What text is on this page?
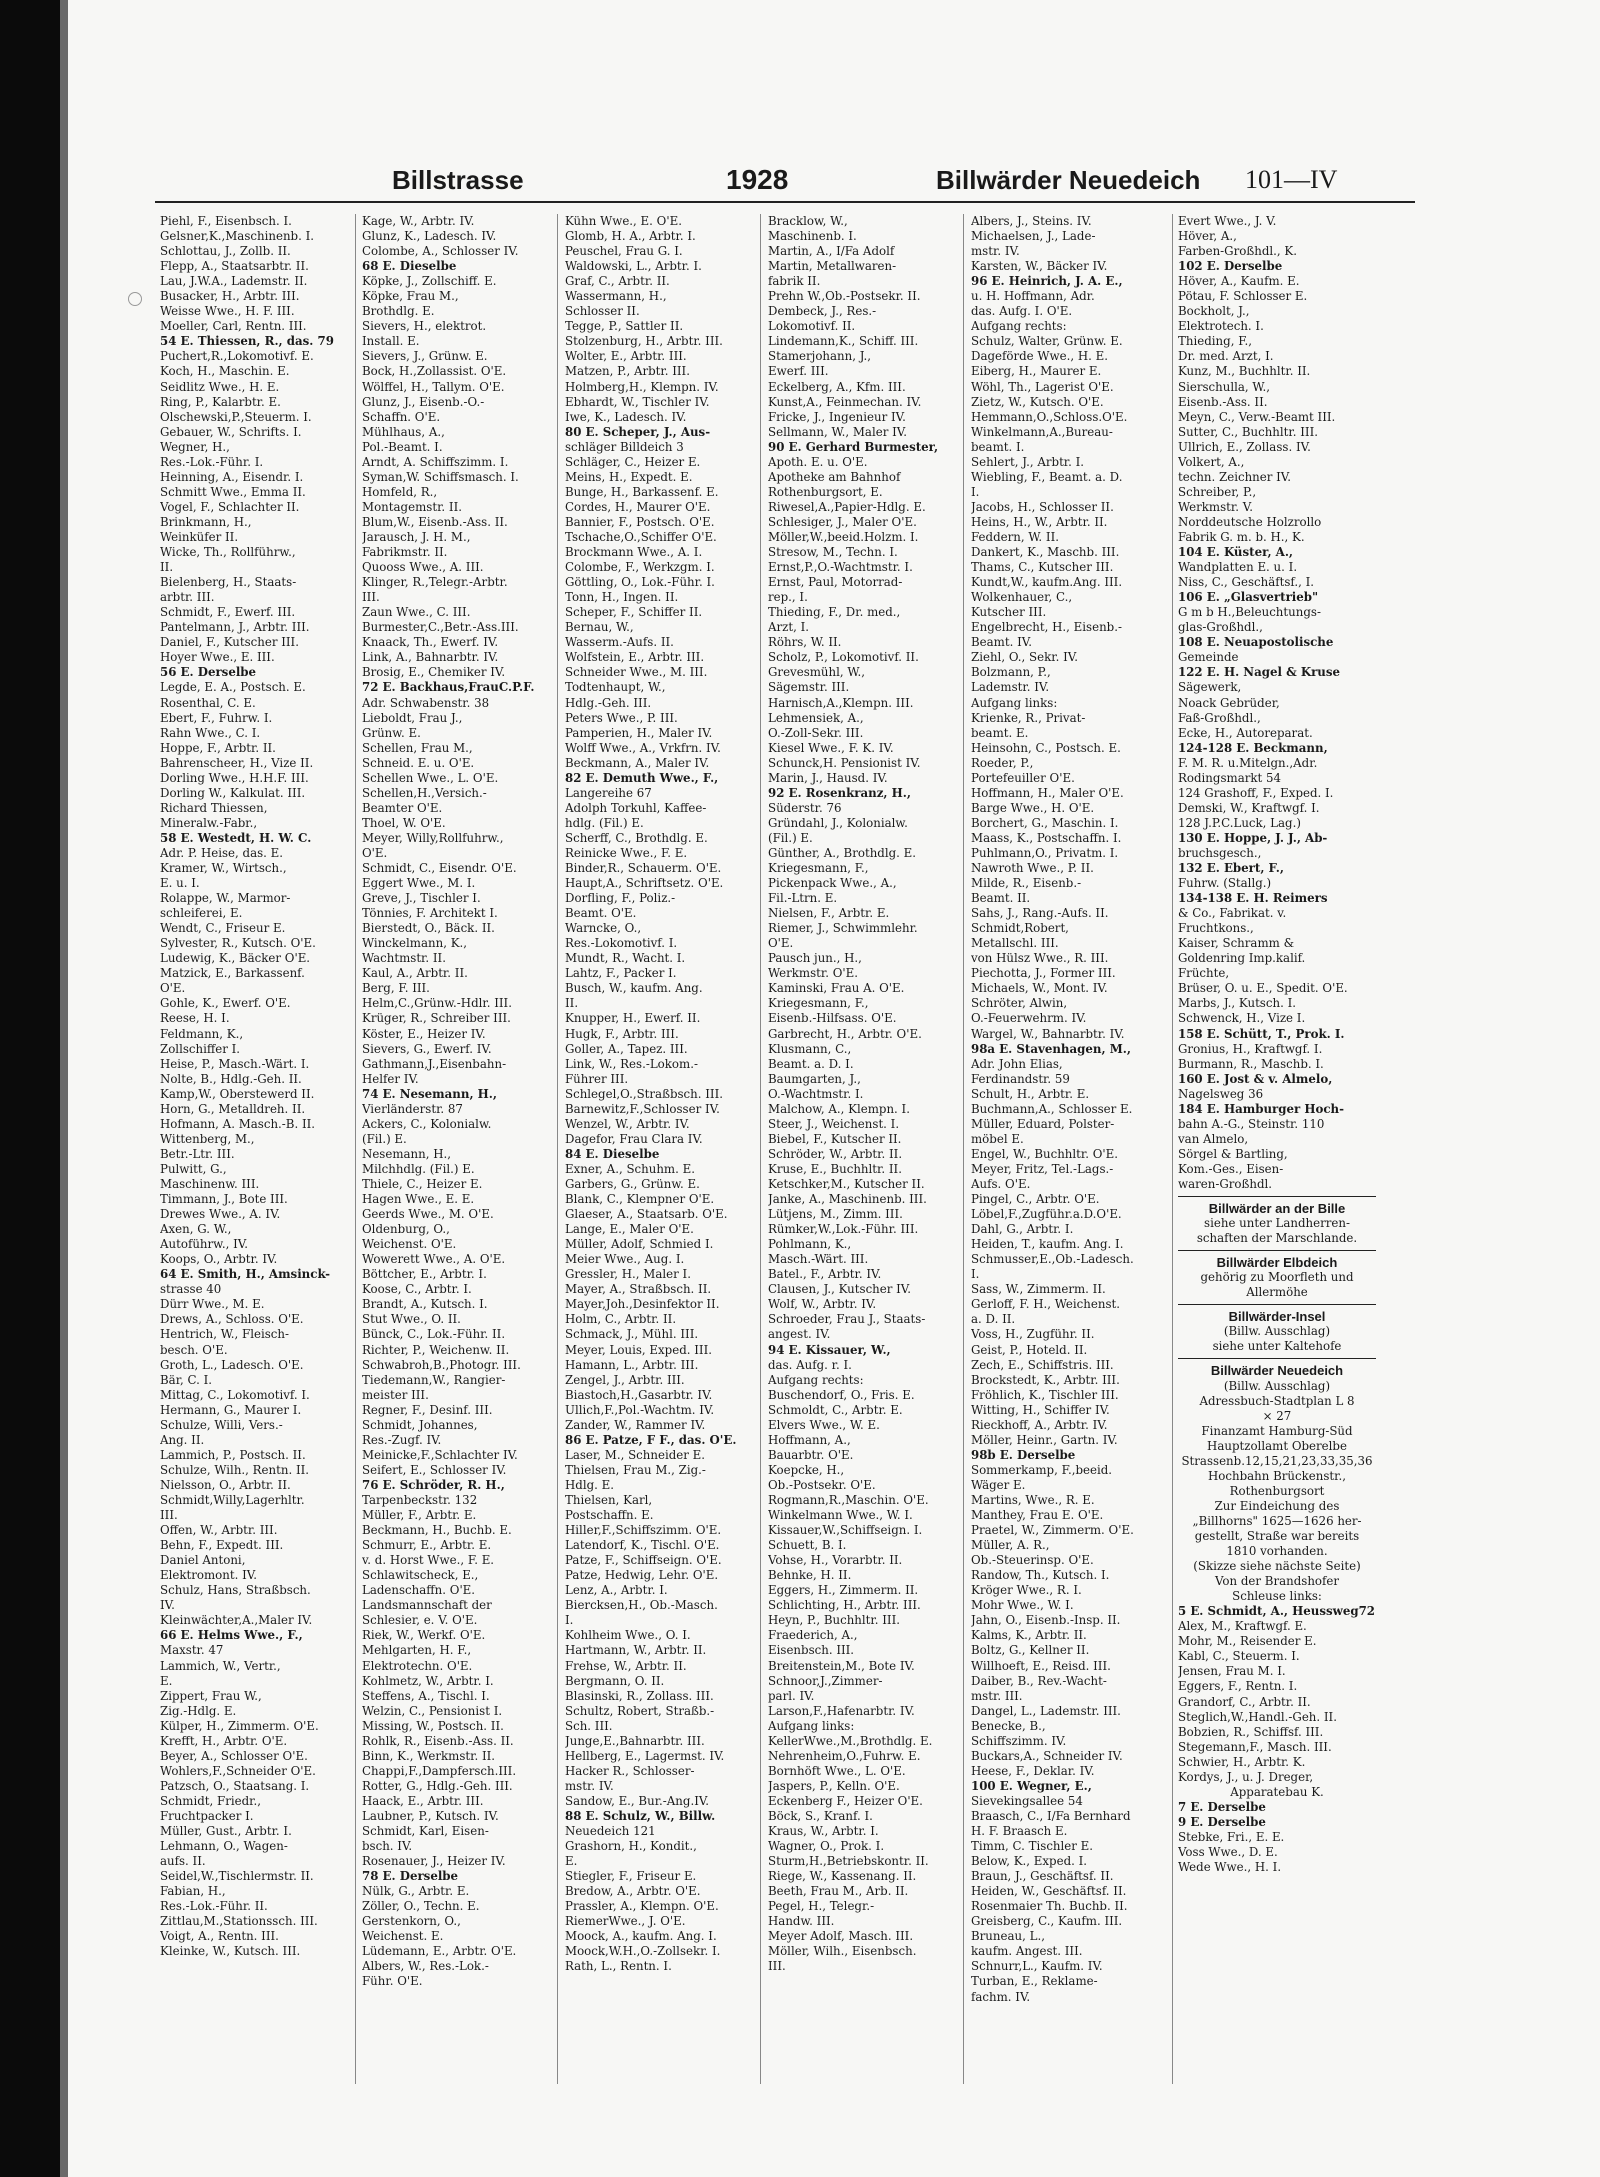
Billstrasse	1928	Billwärder Neuedeich 101—IV
Piehl, F., Eisenbsch. I.
Gelsner,K.,Maschinenb. I.
Schlottau, J., Zollb. II.
Flepp, A., Staatsarbtr. II.
Lau, J.W.A., Lademstr. II.
Busacker, H., Arbtr. III.
Weisse Wwe., H. F. III.
Moeller, Carl, Rentn. III.
54 E. Thiessen, R., das. 79
Puchert,R.,Lokomotivf. E.
Koch, H., Maschin. E.
Seidlitz Wwe., H. E.
Ring, P., Kalarbtr. E.
Olschewski,P.,Steuerm. I.
Gebauer, W., Schrifts. I.
Wegner, H.,
Res.-Lok.-Führ. I.
Heinning, A., Eisendr. I.
Schmitt Wwe., Emma II.
Vogel, F., Schlachter II.
Brinkmann, H.,
Weinküfer II.
Wicke, Th., Rollführw.,
II.
Bielenberg, H., Staats-
arbtr. III.
Schmidt, F., Ewerf. III.
Pantelmann, J., Arbtr. III.
Daniel, F., Kutscher III.
Hoyer Wwe., E. III.
56 E. Derselbe
Legde, E. A., Postsch. E.
Rosenthal, C. E.
Ebert, F., Fuhrw. I.
Rahn Wwe., C. I.
Hoppe, F., Arbtr. II.
Bahrenscheer, H., Vize II.
Dorling Wwe., H.H.F. III.
Dorling W., Kalkulat. III.
Richard Thiessen,
Mineralw.-Fabr.,
58 E. Westedt, H. W. C.
Adr. P. Heise, das. E.
Kramer, W., Wirtsch.,
E. u. I.
Rolappe, W., Marmor-
schleiferei, E.
Wendt, C., Friseur E.
Sylvester, R., Kutsch. O'E.
Ludewig, K., Bäcker O'E.
Matzick, E., Barkassenf.
O'E.
Gohle, K., Ewerf. O'E.
Reese, H. I.
Feldmann, K.,
Zollschiffer I.
Heise, P., Masch.-Wärt. I.
Nolte, B., Hdlg.-Geh. II.
Kamp,W., Oberstewerd II.
Horn, G., Metalldreh. II.
Hofmann, A. Masch.-B. II.
Wittenberg, M.,
Betr.-Ltr. III.
Pulwitt, G.,
Maschinenw. III.
Timmann, J., Bote III.
Drewes Wwe., A. IV.
Axen, G. W.,
Autoführw., IV.
Koops, O., Arbtr. IV.
64 E. Smith, H., Amsinck-
strasse 40
Dürr Wwe., M. E.
Drews, A., Schloss. O'E.
Hentrich, W., Fleisch-
besch. O'E.
Groth, L., Ladesch. O'E.
Bär, C. I.
Mittag, C., Lokomotivf. I.
Hermann, G., Maurer I.
Schulze, Willi, Vers.-
Ang. II.
Lammich, P., Postsch. II.
Schulze, Wilh., Rentn. II.
Nielsson, O., Arbtr. II.
Schmidt,Willy,Lagerhltr.
III.
Offen, W., Arbtr. III.
Behn, F., Expedt. III.
Daniel Antoni,
Elektromont. IV.
Schulz, Hans, Straßbsch.
IV.
Kleinwächter,A.,Maler IV.
66 E. Helms Wwe., F.,
Maxstr. 47
Lammich, W., Vertr.,
E.
Zippert, Frau W.,
Zig.-Hdlg. E.
Külper, H., Zimmerm. O'E.
Krefft, H., Arbtr. O'E.
Beyer, A., Schlosser O'E.
Wohlers,F.,Schneider O'E.
Patzsch, O., Staatsang. I.
Schmidt, Friedr.,
Fruchtpacker I.
Müller, Gust., Arbtr. I.
Lehmann, O., Wagen-
aufs. II.
Seidel,W.,Tischlermstr. II.
Fabian, H.,
Res.-Lok.-Führ. II.
Zittlau,M.,Stationssch. III.
Voigt, A., Rentn. III.
Kleinke, W., Kutsch. III.
Kage, W., Arbtr. IV.
Glunz, K., Ladesch. IV.
Colombe, A., Schlosser IV.
68 E. Dieselbe
Köpke, J., Zollschiff. E.
Köpke, Frau M.,
Brothdlg. E.
Sievers, H., elektrot.
Install. E.
Sievers, J., Grünw. E.
Bock, H.,Zollassist. O'E.
Wölffel, H., Tallym. O'E.
Glunz, J., Eisenb.-O.-
Schaffn. O'E.
Mühlhaus, A.,
Pol.-Beamt. I.
Arndt, A. Schiffszimm. I.
Syman,W. Schiffsmasch. I.
Homfeld, R.,
Montagemstr. II.
Blum,W., Eisenb.-Ass. II.
Jarausch, J. H. M.,
Fabrikmstr. II.
Quooss Wwe., A. III.
Klinger, R.,Telegr.-Arbtr.
III.
Zaun Wwe., C. III.
Burmester,C.,Betr.-Ass.III.
Knaack, Th., Ewerf. IV.
Link, A., Bahnarbtr. IV.
Brosig, E., Chemiker IV.
72 E. Backhaus,FrauC.P.F.
Adr. Schwabenstr. 38
Lieboldt, Frau J.,
Grünw. E.
Schellen, Frau M.,
Schneid. E. u. O'E.
Schellen Wwe., L. O'E.
Schellen,H.,Versich.-
Beamter O'E.
Thoel, W. O'E.
Meyer, Willy,Rollfuhrw.,
O'E.
Schmidt, C., Eisendr. O'E.
Eggert Wwe., M. I.
Greve, J., Tischler I.
Tönnies, F. Architekt I.
Bierstedt, O., Bäck. II.
Winckelmann, K.,
Wachtmstr. II.
Kaul, A., Arbtr. II.
Berg, F. III.
Helm,C.,Grünw.-Hdlr. III.
Krüger, R., Schreiber III.
Köster, E., Heizer IV.
Sievers, G., Ewerf. IV.
Gathmann,J.,Eisenbahn-
Helfer IV.
74 E. Nesemann, H.,
Vierländerstr. 87
Ackers, C., Kolonialw.
(Fil.) E.
Nesemann, H.,
Milchhdlg. (Fil.) E.
Thiele, C., Heizer E.
Hagen Wwe., E. E.
Geerds Wwe., M. O'E.
Oldenburg, O.,
Weichenst. O'E.
Wowerett Wwe., A. O'E.
Böttcher, E., Arbtr. I.
Koose, C., Arbtr. I.
Brandt, A., Kutsch. I.
Stut Wwe., O. II.
Bünck, C., Lok.-Führ. II.
Richter, P., Weichenw. II.
Schwabroh,B.,Photogr. III.
Tiedemann,W., Rangier-
meister III.
Regner, F., Desinf. III.
Schmidt, Johannes,
Res.-Zugf. IV.
Meinicke,F.,Schlachter IV.
Seifert, E., Schlosser IV.
76 E. Schröder, R. H.,
Tarpenbeckstr. 132
Müller, F., Arbtr. E.
Beckmann, H., Buchb. E.
Schmurr, E., Arbtr. E.
v. d. Horst Wwe., F. E.
Schlawitscheck, E.,
Ladenschaffn. O'E.
Landsmannschaft der
Schlesier, e. V. O'E.
Riek, W., Werkf. O'E.
Mehlgarten, H. F.,
Elektrotechn. O'E.
Kohlmetz, W., Arbtr. I.
Steffens, A., Tischl. I.
Welzin, C., Pensionist I.
Missing, W., Postsch. II.
Rohlk, R., Eisenb.-Ass. II.
Binn, K., Werkmstr. II.
Chappi,F.,Dampfersch.III.
Rotter, G., Hdlg.-Geh. III.
Haack, E., Arbtr. III.
Laubner, P., Kutsch. IV.
Schmidt, Karl, Eisen-
bsch. IV.
Rosenauer, J., Heizer IV.
78 E. Derselbe
Nülk, G., Arbtr. E.
Zöller, O., Techn. E.
Gerstenkorn, O.,
Weichenst. E.
Lüdemann, E., Arbtr. O'E.
Albers, W., Res.-Lok.-
Führ. O'E.
Kühn Wwe., E. O'E.
Glomb, H. A., Arbtr. I.
Peuschel, Frau G. I.
Waldowski, L., Arbtr. I.
Graf, C., Arbtr. II.
Wassermann, H.,
Schlosser II.
Tegge, P., Sattler II.
Stolzenburg, H., Arbtr. III.
Wolter, E., Arbtr. III.
Matzen, P., Arbtr. III.
Holmberg,H., Klempn. IV.
Ebhardt, W., Tischler IV.
Iwe, K., Ladesch. IV.
80 E. Scheper, J., Aus-
schläger Billdeich 3
Schläger, C., Heizer E.
Meins, H., Expedt. E.
Bunge, H., Barkassenf. E.
Cordes, H., Maurer O'E.
Bannier, F., Postsch. O'E.
Tschache,O.,Schiffer O'E.
Brockmann Wwe., A. I.
Colombe, F., Werkzgm. I.
Göttling, O., Lok.-Führ. I.
Tonn, H., Ingen. II.
Scheper, F., Schiffer II.
Bernau, W.,
Wasserm.-Aufs. II.
Wolfstein, E., Arbtr. III.
Schneider Wwe., M. III.
Todtenhaupt, W.,
Hdlg.-Geh. III.
Peters Wwe., P. III.
Pamperien, H., Maler IV.
Wolff Wwe., A., Vrkfrn. IV.
Beckmann, A., Maler IV.
82 E. Demuth Wwe., F.,
Langereihe 67
Adolph Torkuhl, Kaffee-
hdlg. (Fil.) E.
Scherff, C., Brothdlg. E.
Reinicke Wwe., F. E.
Binder,R., Schauerm. O'E.
Haupt,A., Schriftsetz. O'E.
Dorfling, F., Poliz.-
Beamt. O'E.
Warncke, O.,
Res.-Lokomotivf. I.
Mundt, R., Wacht. I.
Lahtz, F., Packer I.
Busch, W., kaufm. Ang.
II.
Knupper, H., Ewerf. II.
Hugk, F., Arbtr. III.
Goller, A., Tapez. III.
Link, W., Res.-Lokom.-
Führer III.
Schlegel,O.,Straßbsch. III.
Barnewitz,F.,Schlosser IV.
Wenzel, W., Arbtr. IV.
Dagefor, Frau Clara IV.
84 E. Dieselbe
Exner, A., Schuhm. E.
Garbers, G., Grünw. E.
Blank, C., Klempner O'E.
Glaeser, A., Staatsarb. O'E.
Lange, E., Maler O'E.
Müller, Adolf, Schmied I.
Meier Wwe., Aug. I.
Gressler, H., Maler I.
Mayer, A., Straßbsch. II.
Mayer,Joh.,Desinfektor II.
Holm, C., Arbtr. II.
Schmack, J., Mühl. III.
Meyer, Louis, Exped. III.
Hamann, L., Arbtr. III.
Zengel, J., Arbtr. III.
Biastoch,H.,Gasarbtr. IV.
Ullich,F.,Pol.-Wachtm. IV.
Zander, W., Rammer IV.
86 E. Patze, F F., das. O'E.
Laser, M., Schneider E.
Thielsen, Frau M., Zig.-
Hdlg. E.
Thielsen, Karl,
Postschaffn. E.
Hiller,F.,Schiffszimm. O'E.
Latendorf, K., Tischl. O'E.
Patze, F., Schiffseign. O'E.
Patze, Hedwig, Lehr. O'E.
Lenz, A., Arbtr. I.
Biercksen,H., Ob.-Masch.
I.
Kohlheim Wwe., O. I.
Hartmann, W., Arbtr. II.
Frehse, W., Arbtr. II.
Bergmann, O. II.
Blasinski, R., Zollass. III.
Schultz, Robert, Straßb.-
Sch. III.
Junge,E.,Bahnarbtr. III.
Hellberg, E., Lagermst. IV.
Hacker R., Schlosser-
mstr. IV.
Sandow, E., Bur.-Ang.IV.
88 E. Schulz, W., Billw.
Neuedeich 121
Grashorn, H., Kondit.,
E.
Stiegler, F., Friseur E.
Bredow, A., Arbtr. O'E.
Prassler, A., Klempn. O'E.
RiemerWwe., J. O'E.
Moock, A., kaufm. Ang. I.
Moock,W.H.,O.-Zollsekr. I.
Rath, L., Rentn. I.
Bracklow, W.,
Maschinenb. I.
Martin, A., I/Fa Adolf
Martin, Metallwaren-
fabrik II.
Prehn W.,Ob.-Postsekr. II.
Dembeck, J., Res.-
Lokomotivf. II.
Lindemann,K., Schiff. III.
Stamerjohann, J.,
Ewerf. III.
Eckelberg, A., Kfm. III.
Kunst,A., Feinmechan. IV.
Fricke, J., Ingenieur IV.
Sellmann, W., Maler IV.
90 E. Gerhard Burmester,
Apoth. E. u. O'E.
Apotheke am Bahnhof
Rothenburgsort, E.
Riwesel,A.,Papier-Hdlg. E.
Schlesiger, J., Maler O'E.
Möller,W.,beeid.Holzm. I.
Stresow, M., Techn. I.
Ernst,P.,O.-Wachtmstr. I.
Ernst, Paul, Motorrad-
rep., I.
Thieding, F., Dr. med.,
Arzt, I.
Röhrs, W. II.
Scholz, P., Lokomotivf. II.
Grevesmühl, W.,
Sägemstr. III.
Harnisch,A.,Klempn. III.
Lehmensiek, A.,
O.-Zoll-Sekr. III.
Kiesel Wwe., F. K. IV.
Schunck,H. Pensionist IV.
Marin, J., Hausd. IV.
92 E. Rosenkranz, H.,
Süderstr. 76
Gründahl, J., Kolonialw.
(Fil.) E.
Günther, A., Brothdlg. E.
Kriegesmann, F.,
Pickenpack Wwe., A.,
Fil.-Ltrn. E.
Nielsen, F., Arbtr. E.
Riemer, J., Schwimmlehr.
O'E.
Pausch jun., H.,
Werkmstr. O'E.
Kaminski, Frau A. O'E.
Kriegesmann, F.,
Eisenb.-Hilfsass. O'E.
Garbrecht, H., Arbtr. O'E.
Klusmann, C.,
Beamt. a. D. I.
Baumgarten, J.,
O.-Wachtmstr. I.
Malchow, A., Klempn. I.
Steer, J., Weichenst. I.
Biebel, F., Kutscher II.
Schröder, W., Arbtr. II.
Kruse, E., Buchhltr. II.
Ketschker,M., Kutscher II.
Janke, A., Maschinenb. III.
Lütjens, M., Zimm. III.
Rümker,W.,Lok.-Führ. III.
Pohlmann, K.,
Masch.-Wärt. III.
Batel., F., Arbtr. IV.
Clausen, J., Kutscher IV.
Wolf, W., Arbtr. IV.
Schroeder, Frau J., Staats-
angest. IV.
94 E. Kissauer, W.,
das. Aufg. r. I.
Aufgang rechts:
Buschendorf, O., Fris. E.
Schmoldt, C., Arbtr. E.
Elvers Wwe., W. E.
Hoffmann, A.,
Bauarbtr. O'E.
Koepcke, H.,
Ob.-Postsekr. O'E.
Rogmann,R.,Maschin. O'E.
Winkelmann Wwe., W. I.
Kissauer,W.,Schiffseign. I.
Schuett, B. I.
Vohse, H., Vorarbtr. II.
Behnke, H. II.
Eggers, H., Zimmerm. II.
Schlichting, H., Arbtr. III.
Heyn, P., Buchhltr. III.
Fraederich, A.,
Eisenbsch. III.
Breitenstein,M., Bote IV.
Schnoor,J.,Zimmer-
parl. IV.
Larson,F.,Hafenarbtr. IV.
Aufgang links:
KellerWwe.,M.,Brothdlg. E.
Nehrenheim,O.,Fuhrw. E.
Bornhöft Wwe., L. O'E.
Jaspers, P., Kelln. O'E.
Eckenberg F., Heizer O'E.
Böck, S., Kranf. I.
Kraus, W., Arbtr. I.
Wagner, O., Prok. I.
Sturm,H.,Betriebskontr. II.
Riege, W., Kassenang. II.
Beeth, Frau M., Arb. II.
Pegel, H., Telegr.-
Handw. III.
Meyer Adolf, Masch. III.
Möller, Wilh., Eisenbsch.
III.
Albers, J., Steins. IV.
Michaelsen, J., Lade-
mstr. IV.
Karsten, W., Bäcker IV.
96 E. Heinrich, J. A. E.,
u. H. Hoffmann, Adr.
das. Aufg. I. O'E.
Aufgang rechts:
Schulz, Walter, Grünw. E.
Dageförde Wwe., H. E.
Eiberg, H., Maurer E.
Wöhl, Th., Lagerist O'E.
Zietz, W., Kutsch. O'E.
Hemmann,O.,Schloss.O'E.
Winkelmann,A.,Bureau-
beamt. I.
Sehlert, J., Arbtr. I.
Wiebling, F., Beamt. a. D.
I.
Jacobs, H., Schlosser II.
Heins, H., W., Arbtr. II.
Feddern, W. II.
Dankert, K., Maschb. III.
Thams, C., Kutscher III.
Kundt,W., kaufm.Ang. III.
Wolkenhauer, C.,
Kutscher III.
Engelbrecht, H., Eisenb.-
Beamt. IV.
Ziehl, O., Sekr. IV.
Bolzmann, P.,
Lademstr. IV.
Aufgang links:
Krienke, R., Privat-
beamt. E.
Heinsohn, C., Postsch. E.
Roeder, P.,
Portefeuiller O'E.
Hoffmann, H., Maler O'E.
Barge Wwe., H. O'E.
Borchert, G., Maschin. I.
Maass, K., Postschaffn. I.
Puhlmann,O., Privatm. I.
Nawroth Wwe., P. II.
Milde, R., Eisenb.-
Beamt. II.
Sahs, J., Rang.-Aufs. II.
Schmidt,Robert,
Metallschl. III.
von Hülsz Wwe., R. III.
Piechotta, J., Former III.
Michaels, W., Mont. IV.
Schröter, Alwin,
O.-Feuerwehrm. IV.
Wargel, W., Bahnarbtr. IV.
98a E. Stavenhagen, M.,
Adr. John Elias,
Ferdinandstr. 59
Schult, H., Arbtr. E.
Buchmann,A., Schlosser E.
Müller, Eduard, Polster-
möbel E.
Engel, W., Buchhltr. O'E.
Meyer, Fritz, Tel.-Lags.-
Aufs. O'E.
Pingel, C., Arbtr. O'E.
Löbel,F.,Zugführ.a.D.O'E.
Dahl, G., Arbtr. I.
Heiden, T., kaufm. Ang. I.
Schmusser,E.,Ob.-Ladesch.
I.
Sass, W., Zimmerm. II.
Gerloff, F. H., Weichenst.
a. D. II.
Voss, H., Zugführ. II.
Geist, P., Hoteld. II.
Zech, E., Schiffstris. III.
Brockstedt, K., Arbtr. III.
Fröhlich, K., Tischler III.
Witting, H., Schiffer IV.
Rieckhoff, A., Arbtr. IV.
Möller, Heinr., Gartn. IV.
98b E. Derselbe
Sommerkamp, F.,beeid.
Wäger E.
Martins, Wwe., R. E.
Manthey, Frau E. O'E.
Praetel, W., Zimmerm. O'E.
Müller, A. R.,
Ob.-Steuerinsp. O'E.
Randow, Th., Kutsch. I.
Kröger Wwe., R. I.
Mohr Wwe., W. I.
Jahn, O., Eisenb.-Insp. II.
Kalms, K., Arbtr. II.
Boltz, G., Kellner II.
Willhoeft, E., Reisd. III.
Daiber, B., Rev.-Wacht-
mstr. III.
Dangel, L., Lademstr. III.
Benecke, B.,
Schiffszimm. IV.
Buckars,A., Schneider IV.
Heese, F., Deklar. IV.
100 E. Wegner, E.,
Sievekingsallee 54
Braasch, C., I/Fa Bernhard
H. F. Braasch E.
Timm, C. Tischler E.
Below, K., Exped. I.
Braun, J., Geschäftsf. II.
Heiden, W., Geschäftsf. II.
Rosenmaier Th. Buchb. II.
Greisberg, C., Kaufm. III.
Bruneau, L.,
kaufm. Angest. III.
Schnurr,L., Kaufm. IV.
Turban, E., Reklame-
fachm. IV.
Evert Wwe., J. V.
Höver, A.,
Farben-Großhdl., K.
102 E. Derselbe
Höver, A., Kaufm. E.
Pötau, F. Schlosser E.
Bockholt, J.,
Elektrotech. I.
Thieding, F.,
Dr. med. Arzt, I.
Kunz, M., Buchhltr. II.
Sierschulla, W.,
Eisenb.-Ass. II.
Meyn, C., Verw.-Beamt III.
Sutter, C., Buchhltr. III.
Ullrich, E., Zollass. IV.
Volkert, A.,
techn. Zeichner IV.
Schreiber, P.,
Werkmstr. V.
Norddeutsche Holzrollo
Fabrik G. m. b. H., K.
104 E. Küster, A.,
Wandplatten E. u. I.
Niss, C., Geschäftsf., I.
106 E. „Glasvertrieb"
G m b H.,Beleuchtungs-
glas-Großhdl.,
108 E. Neuapostolische
Gemeinde
122 E. H. Nagel & Kruse
Sägewerk,
Noack Gebrüder,
Faß-Großhdl.,
Ecke, H., Autoreparat.
124-128 E. Beckmann,
F. M. R. u.Mitelgn.,Adr.
Rodingsmarkt 54
124 Grashoff, F., Exped. I.
Demski, W., Kraftwgf. I.
128 J.P.C.Luck, Lag.)
130 E. Hoppe, J. J., Ab-
bruchsgesch.,
132 E. Ebert, F.,
Fuhrw. (Stallg.)
134-138 E. H. Reimers
& Co., Fabrikat. v.
Fruchtkons.,
Kaiser, Schramm &
Goldenring Imp.kalif.
Früchte,
Brüser, O. u. E., Spedit. O'E.
Marbs, J., Kutsch. I.
Schwenck, H., Vize I.
158 E. Schütt, T., Prok. I.
Gronius, H., Kraftwgf. I.
Burmann, R., Maschb. I.
160 E. Jost & v. Almelo,
Nagelsweg 36
184 E. Hamburger Hoch-
bahn A.-G., Steinstr. 110
van Almelo,
Sörgel & Bartling,
Kom.-Ges., Eisen-
waren-Großhdl.
Billwärder an der Bille
siehe unter Landherren-
schaften der Marschlande.
Billwärder Elbdeich
gehörig zu Moorfleth und
Allermöhe
Billwärder-Insel
(Billw. Ausschlag)
siehe unter Kaltehofe
Billwärder Neuedeich
(Billw. Ausschlag)
Adressbuch-Stadtplan L 8
⨯ 27
Finanzamt Hamburg-Süd
Hauptzollamt Oberelbe
Strassenb.12,15,21,23,33,35,36
Hochbahn Brückenstr.,
Rothenburgsort
Zur Eindeichung des
„Billhorns" 1625—1626 her-
gestellt, Straße war bereits
1810 vorhanden.
(Skizze siehe nächste Seite)
Von der Brandshofer
Schleuse links:
5 E. Schmidt, A., Heussweg72
Alex, M., Kraftwgf. E.
Mohr, M., Reisender E.
Kabl, C., Steuerm. I.
Jensen, Frau M. I.
Eggers, F., Rentn. I.
Grandorf, C., Arbtr. II.
Steglich,W.,Handl.-Geh. II.
Bobzien, R., Schiffsf. III.
Stegemann,F., Masch. III.
Schwier, H., Arbtr. K.
Kordys, J., u. J. Dreger,
Apparatebau K.
7 E. Derselbe
9 E. Derselbe
Stebke, Fri., E. E.
Voss Wwe., D. E.
Wede Wwe., H. I.
